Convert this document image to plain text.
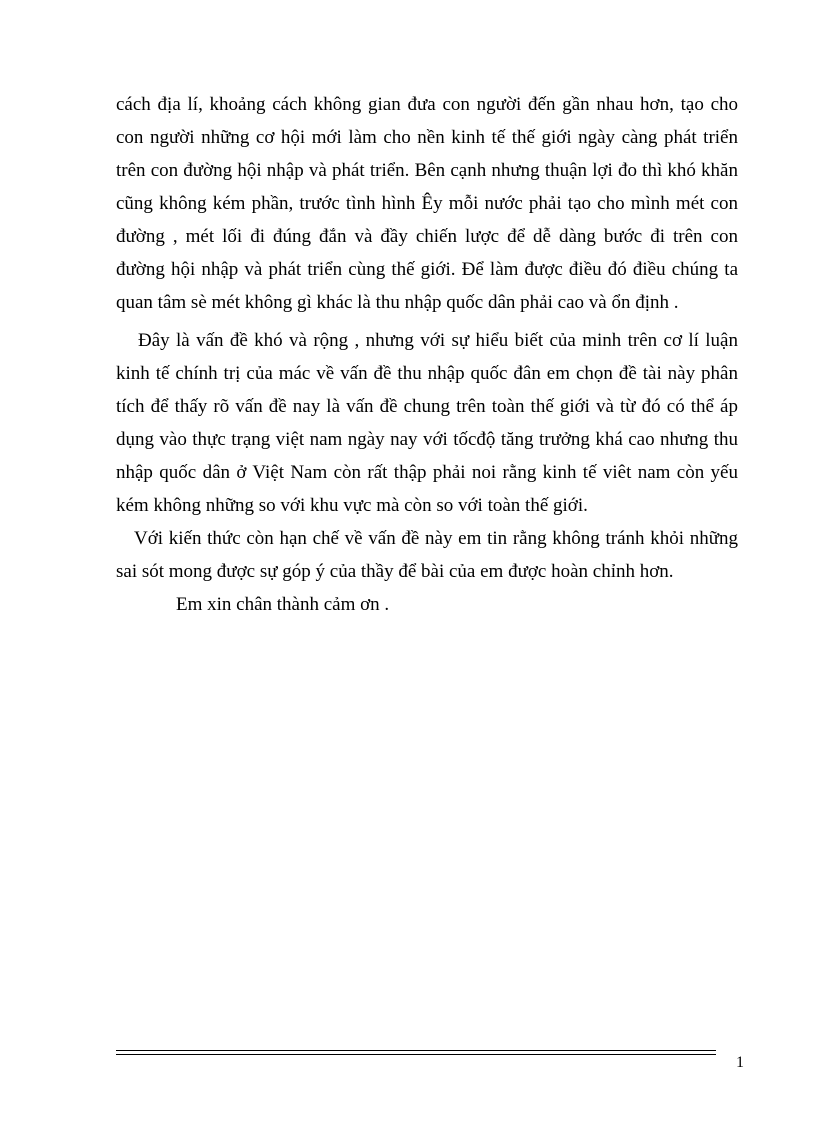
cách địa lí, khoảng cách không gian đưa con người đến gần nhau hơn, tạo cho
con người những cơ hội mới làm cho nền kinh tế thế giới ngày càng phát triển
trên con đường hội nhập và phát triển. Bên cạnh nhưng thuận lợi đo thì khó khăn
cũng không kém phần, trước tình hình Êy mỗi nước phải tạo cho mình mét con
đường , mét lối đi đúng đắn và đầy chiến lược để dễ dàng bước đi trên con
đường hội nhập và phát triển cùng thế giới. Để làm được điều đó điều chúng ta
quan tâm sè mét không gì khác là thu nhập quốc dân phải cao và ổn định .
Đây là vấn đề khó và rộng , nhưng với sự hiểu biết của minh trên cơ lí luận
kinh tế chính trị của mác về vấn đề thu nhập quốc đân em chọn đề tài này phân
tích để thấy rõ vấn đề nay là vấn đề chung trên toàn thế giới và từ đó có thể áp
dụng vào thực trạng việt nam ngày nay với tốcđộ tăng trưởng khá cao nhưng thu
nhập quốc dân ở Việt Nam còn rất thập phải noi rằng kinh tế viêt nam còn yếu
kém không những so với khu vực mà còn so với toàn thế giới.
Với kiến thức còn hạn chế về vấn đề này em tin rằng không tránh khỏi những
sai sót mong được sự góp ý của thầy để bài của em được hoàn chỉnh hơn.
Em xin chân thành cảm ơn .
1
